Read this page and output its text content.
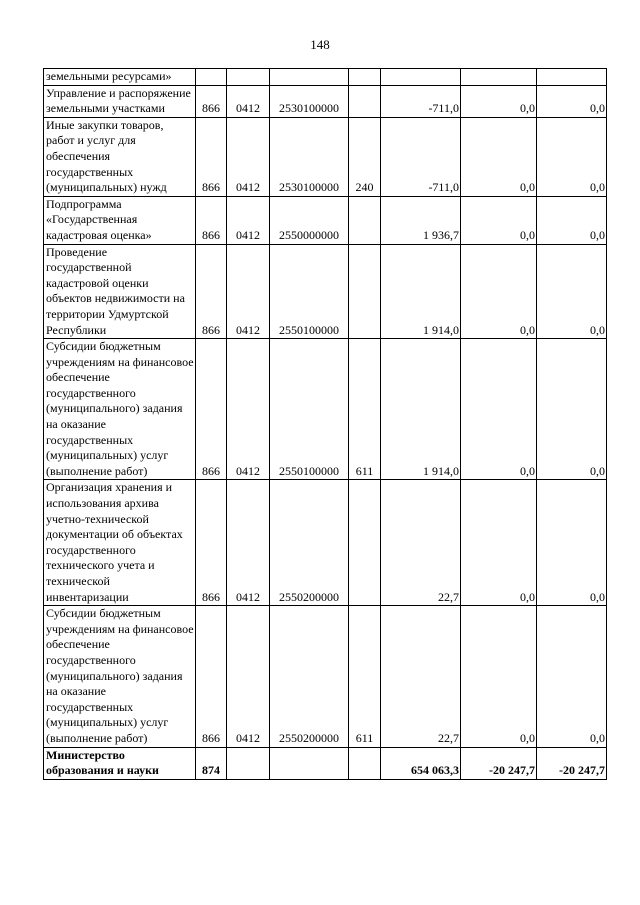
148
земельными ресурсами»							
Управление и распоряжение земельными участками	866	0412	2530100000		-711,0	0,0	0,0
Иные закупки товаров, работ и услуг для обеспечения государственных (муниципальных) нужд	866	0412	2530100000	240	-711,0	0,0	0,0
Подпрограмма «Государственная кадастровая оценка»	866	0412	2550000000		1 936,7	0,0	0,0
Проведение государственной кадастровой оценки объектов недвижимости на территории Удмуртской Республики	866	0412	2550100000		1 914,0	0,0	0,0
Субсидии бюджетным учреждениям на финансовое обеспечение государственного (муниципального) задания на оказание государственных (муниципальных) услуг (выполнение работ)	866	0412	2550100000	611	1 914,0	0,0	0,0
Организация хранения и использования архива учетно-технической документации об объектах государственного технического учета и технической инвентаризации	866	0412	2550200000		22,7	0,0	0,0
Субсидии бюджетным учреждениям на финансовое обеспечение государственного (муниципального) задания на оказание государственных (муниципальных) услуг (выполнение работ)	866	0412	2550200000	611	22,7	0,0	0,0
Министерство образования и науки	874				654 063,3	-20 247,7	-20 247,7
